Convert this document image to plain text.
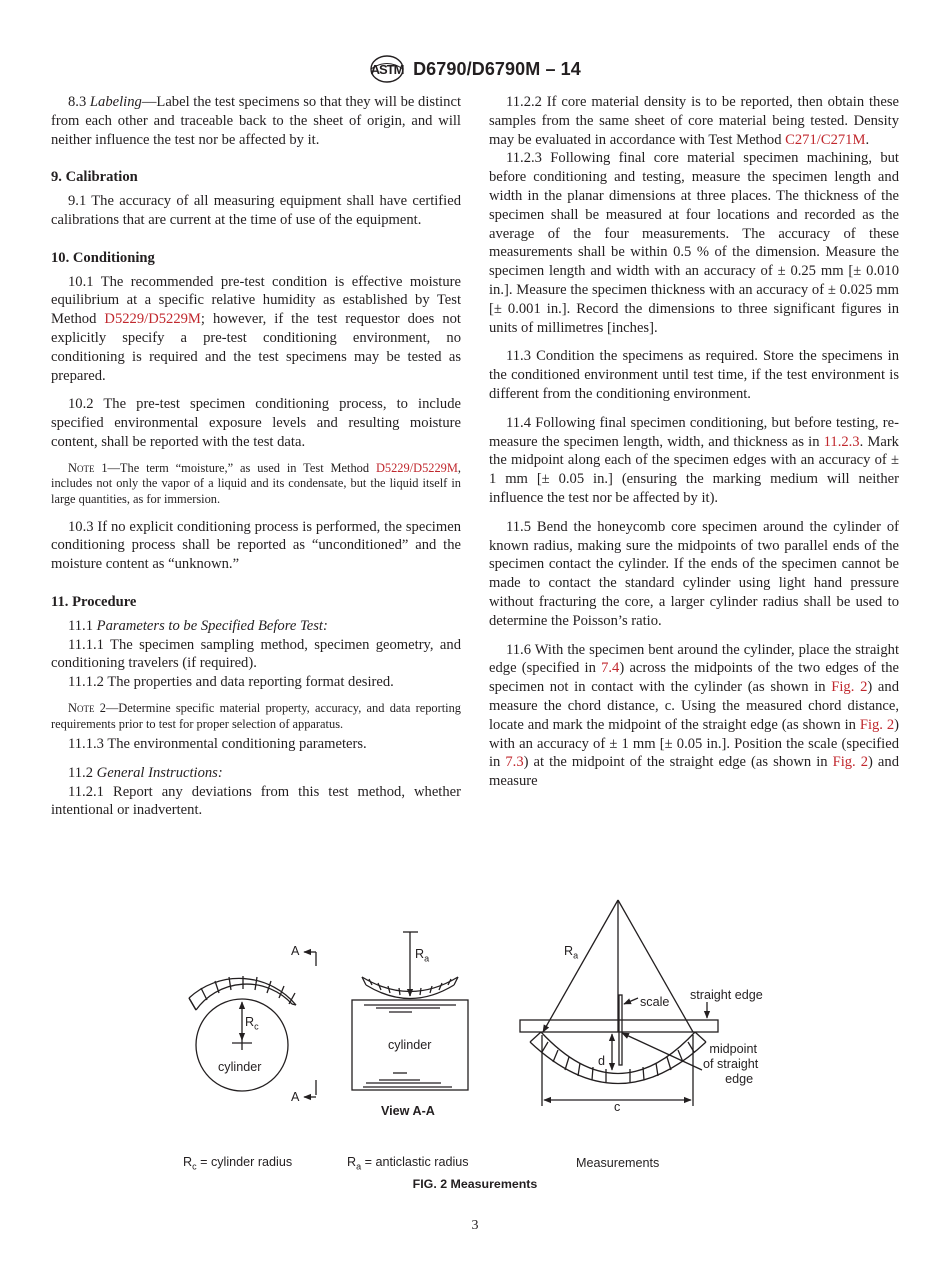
ASTM D6790/D6790M – 14

8.3 Labeling—Label the test specimens so that they will be distinct from each other and traceable back to the sheet of origin, and will neither influence the test nor be affected by it.

9. Calibration

9.1 The accuracy of all measuring equipment shall have certified calibrations that are current at the time of use of the equipment.

10. Conditioning

10.1 The recommended pre-test condition is effective moisture equilibrium at a specific relative humidity as established by Test Method D5229/D5229M; however, if the test requestor does not explicitly specify a pre-test conditioning environment, no conditioning is required and the test specimens may be tested as prepared.

10.2 The pre-test specimen conditioning process, to include specified environmental exposure levels and resulting moisture content, shall be reported with the test data.

Note 1—The term “moisture,” as used in Test Method D5229/D5229M, includes not only the vapor of a liquid and its condensate, but the liquid itself in large quantities, as for immersion.

10.3 If no explicit conditioning process is performed, the specimen conditioning process shall be reported as “unconditioned” and the moisture content as “unknown.”

11. Procedure

11.1 Parameters to be Specified Before Test:

11.1.1 The specimen sampling method, specimen geometry, and conditioning travelers (if required).

11.1.2 The properties and data reporting format desired.

Note 2—Determine specific material property, accuracy, and data reporting requirements prior to test for proper selection of apparatus.

11.1.3 The environmental conditioning parameters.

11.2 General Instructions:

11.2.1 Report any deviations from this test method, whether intentional or inadvertent.

11.2.2 If core material density is to be reported, then obtain these samples from the same sheet of core material being tested. Density may be evaluated in accordance with Test Method C271/C271M.

11.2.3 Following final core material specimen machining, but before conditioning and testing, measure the specimen length and width in the planar dimensions at three places. The thickness of the specimen shall be measured at four locations and recorded as the average of the four measurements. The accuracy of these measurements shall be within 0.5 % of the dimension. Measure the specimen length and width with an accuracy of ± 0.25 mm [± 0.010 in.]. Measure the specimen thickness with an accuracy of ± 0.025 mm [± 0.001 in.]. Record the dimensions to three significant figures in units of millimetres [inches].

11.3 Condition the specimens as required. Store the specimens in the conditioned environment until test time, if the test environment is different from the conditioning environment.

11.4 Following final specimen conditioning, but before testing, re-measure the specimen length, width, and thickness as in 11.2.3. Mark the midpoint along each of the specimen edges with an accuracy of ± 1 mm [± 0.05 in.] (ensuring the marking medium will neither influence the test nor be affected by it).

11.5 Bend the honeycomb core specimen around the cylinder of known radius, making sure the midpoints of two parallel ends of the specimen contact the cylinder. If the ends of the specimen cannot be made to contact the standard cylinder using light hand pressure without fracturing the core, a larger cylinder radius shall be used to determine the Poisson’s ratio.

11.6 With the specimen bent around the cylinder, place the straight edge (specified in 7.4) across the midpoints of the two edges of the specimen not in contact with the cylinder (as shown in Fig. 2) and measure the chord distance, c. Using the measured chord distance, locate and mark the midpoint of the straight edge (as shown in Fig. 2) with an accuracy of ± 1 mm [± 0.05 in.]. Position the scale (specified in 7.3) at the midpoint of the straight edge (as shown in Fig. 2) and measure

$R_c$
cylinder
A
A
$R_a$
cylinder
View A-A
$R_a$
scale straight edge
d
c
midpoint
of straight
edge
$R_c$ = cylinder radius	$R_a$ = anticlastic radius	Measurements
FIG. 2 Measurements
3
